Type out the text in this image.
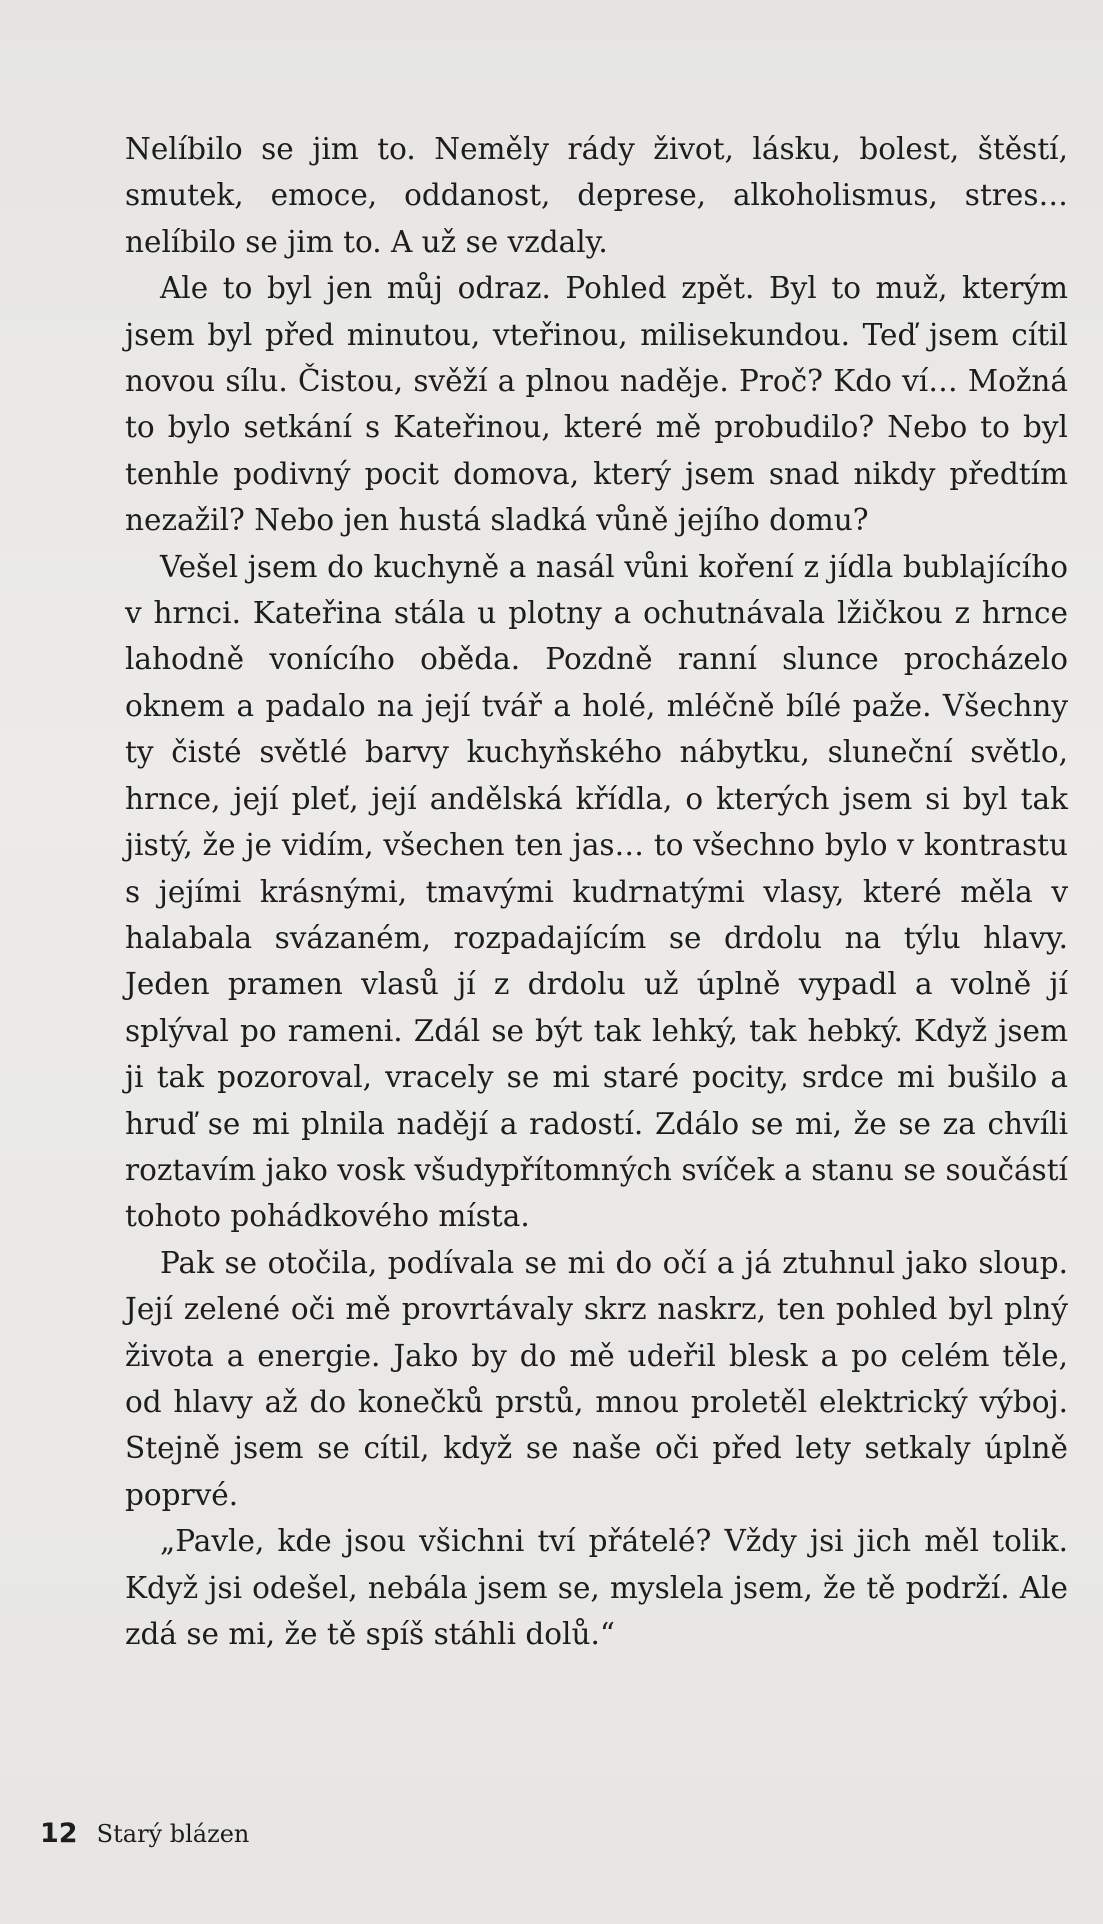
Nelíbilo se jim to. Neměly rády život, lásku, bolest, štěstí, smutek, emoce, oddanost, deprese, alkoholismus, stres… nelíbilo se jim to. A už se vzdaly.

Ale to byl jen můj odraz. Pohled zpět. Byl to muž, kterým jsem byl před minutou, vteřinou, milisekundou. Teď jsem cítil novou sílu. Čistou, svěží a plnou naděje. Proč? Kdo ví… Možná to bylo setkání s Kateřinou, které mě probudilo? Nebo to byl tenhle podivný pocit domova, který jsem snad nikdy předtím nezažil? Nebo jen hustá sladká vůně jejího domu?

Vešel jsem do kuchyně a nasál vůni koření z jídla bublajícího v hrnci. Kateřina stála u plotny a ochutnávala lžičkou z hrnce lahodně vonícího oběda. Pozdně ranní slunce procházelo oknem a padalo na její tvář a holé, mléčně bílé paže. Všechny ty čisté světlé barvy kuchyňského nábytku, sluneční světlo, hrnce, její pleť, její andělská křídla, o kterých jsem si byl tak jistý, že je vidím, všechen ten jas… to všechno bylo v kontrastu s jejími krásnými, tmavými kudrnatými vlasy, které měla v halabala svázaném, rozpadajícím se drdolu na týlu hlavy. Jeden pramen vlasů jí z drdolu už úplně vypadl a volně jí splýval po rameni. Zdál se být tak lehký, tak hebký. Když jsem ji tak pozoroval, vracely se mi staré pocity, srdce mi bušilo a hruď se mi plnila nadějí a radostí. Zdálo se mi, že se za chvíli roztavím jako vosk všudypřítomných svíček a stanu se součástí tohoto pohádkového místa.

Pak se otočila, podívala se mi do očí a já ztuhnul jako sloup. Její zelené oči mě provrtávaly skrz naskrz, ten pohled byl plný života a energie. Jako by do mě udeřil blesk a po celém těle, od hlavy až do konečků prstů, mnou proletěl elektrický výboj. Stejně jsem se cítil, když se naše oči před lety setkaly úplně poprvé.

„Pavle, kde jsou všichni tví přátelé? Vždy jsi jich měl tolik. Když jsi odešel, nebála jsem se, myslela jsem, že tě podrží. Ale zdá se mi, že tě spíš stáhli dolů.“

12 Starý blázen
